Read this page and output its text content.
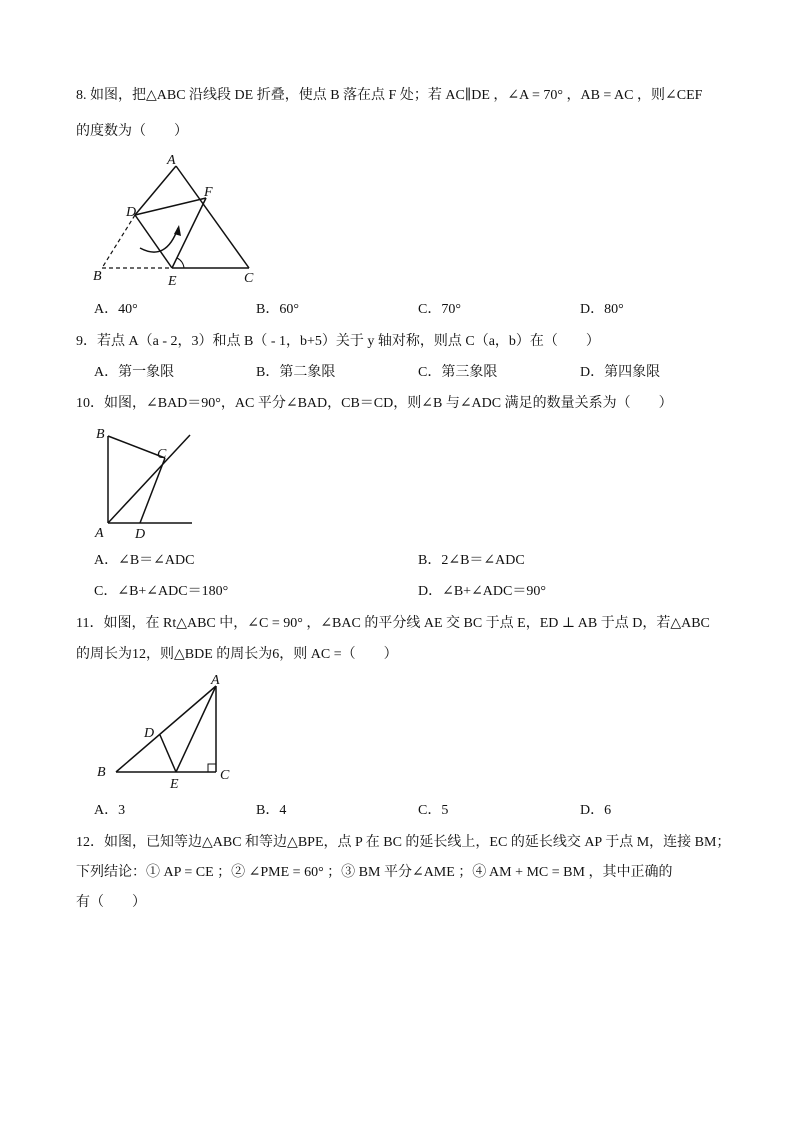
8. 如图，把△ABC 沿线段 DE 折叠，使点 B 落在点 F 处；若 AC∥DE ，∠A = 70° ，AB = AC ，则∠CEF
的度数为（　　）
A
D
F
B	E	C
A．40°	B．60°	C．70°	D．80°
9．若点 A（a - 2，3）和点 B（ - 1，b+5）关于 y 轴对称，则点 C（a，b）在（　　）
A．第一象限	B．第二象限	C．第三象限	D．第四象限
10．如图，∠BAD＝90°，AC 平分∠BAD，CB＝CD，则∠B 与∠ADC 满足的数量关系为（　　）
B
C
A D
A．∠B＝∠ADC	B．2∠B＝∠ADC
C．∠B+∠ADC＝180°	D．∠B+∠ADC＝90°
11．如图，在 Rt△ABC 中，∠C = 90° ，∠BAC 的平分线 AE 交 BC 于点 E，ED ⊥ AB 于点 D，若△ABC
的周长为12，则△BDE 的周长为6，则 AC =（　　）
A
D
B
E
C
A．3	B．4	C．5	D．6
12．如图，已知等边△ABC 和等边△BPE，点 P 在 BC 的延长线上，EC 的延长线交 AP 于点 M，连接 BM；
下列结论：① AP = CE ；② ∠PME = 60° ；③ BM 平分∠AME ；④ AM + MC = BM ，其中正确的
有（　　）
